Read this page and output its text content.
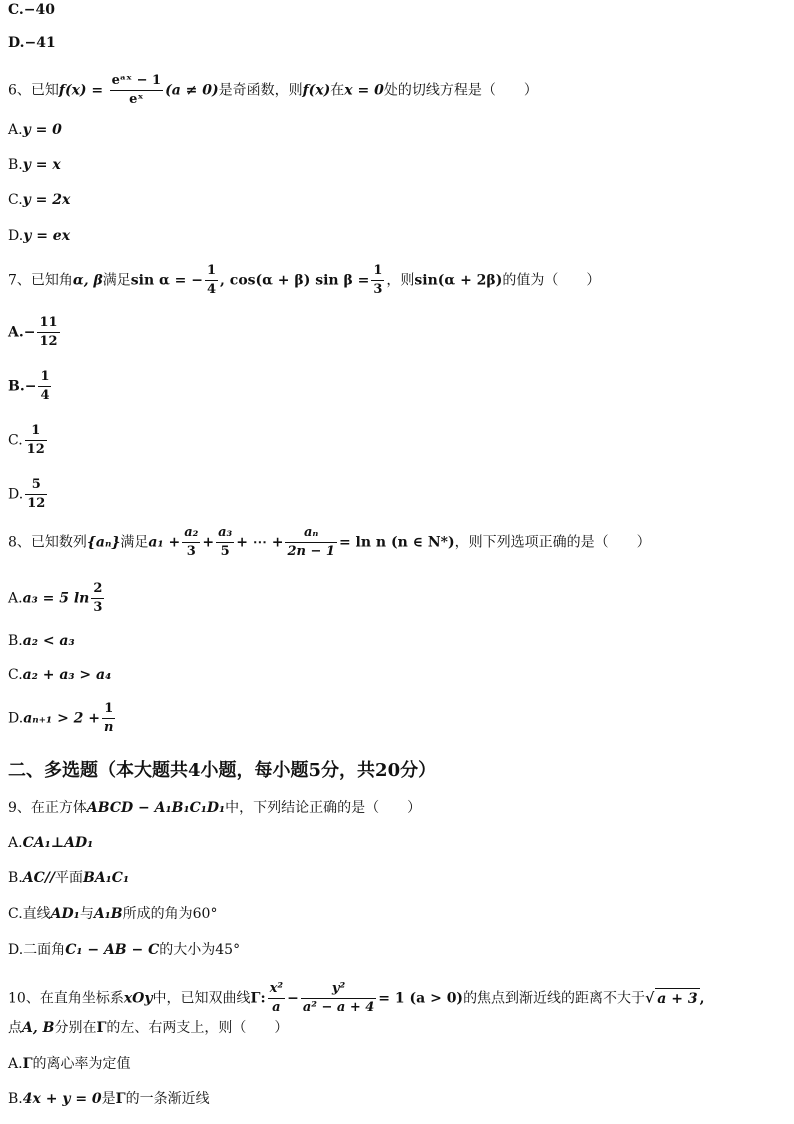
C.−40
D.−41
6、已知$f(x) = \frac{\text{eᵃˣ − 1}}{\text{eˣ}} (a \ne 0)$是奇函数，则f(x)在x = 0处的切线方程是（　　）
A.y = 0
B.y = x
C.y = 2x
D.y = ex
7、已知角α, β满足sin α = − $\frac{1}{4}$ , cos(α + β) $\sin \beta = \frac{1}{3}$ ，则sin(α + 2β)的值为（　　）
$A.- \frac{11}{12}$
$B.- \frac{1}{4}$
C. $\frac{1}{12}$
D. $\frac{5}{12}$
8、已知数列{aₙ}满足$a_1 + \frac{\text{a₂}}{3} + \frac{\text{a₃}}{5}$ + ⋯ + $\frac{\text{aₙ}}{2n - 1} = \ln n$ (n ∈ N*)，则下列选项正确的是（　　）
A.a₃ = 5 $\ln \frac{2}{3}$
B.a₂ < a₃
C.a₂ + a₃ > a₄
$D.a_{n+1} > 2 + \frac{1}{n}$
二、多选题（本大题共4小题，每小题5分，共20分）
9、在正方体ABCD − A₁B₁C₁D₁中，下列结论正确的是（　　）
A.CA₁⊥AD₁
B.AC//平面BA₁C₁
C.直线AD₁与A₁B所成的角为60°
D.二面角C₁ − AB − C的大小为45°
10、在直角坐标系xOy中，已知双曲线Γ: $\frac{\text{x²}}{a} - \frac{\text{y²}}{\text{a² − a + 4}} = 1$ (a > 0)的焦点到渐近线的距离不大于√ a + 3 ,
点A, B分别在Γ的左、右两支上，则（　　）
A.Γ的离心率为定值
B.4x + y = 0是Γ的一条渐近线
